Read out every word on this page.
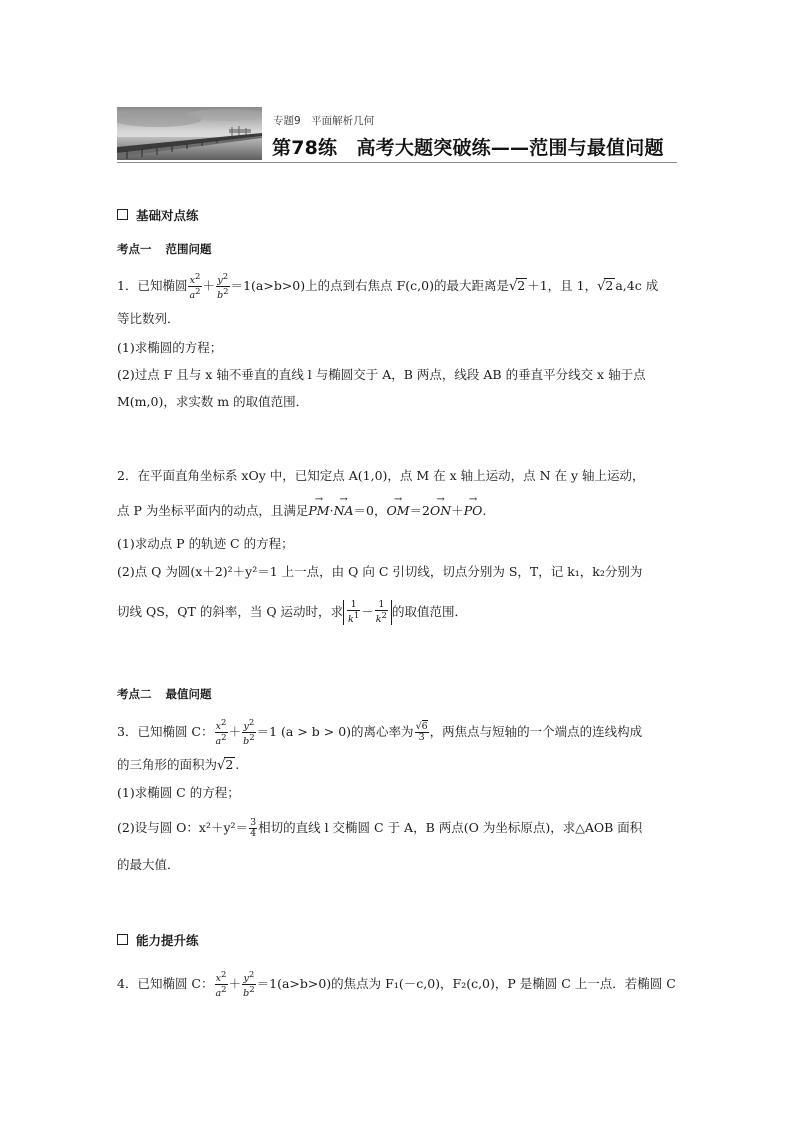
专题9　平面解析几何
第78练　高考大题突破练——范围与最值问题
基础对点练
考点一 范围问题
1．已知椭圆 $\frac{x^2}{a^2} + \frac{y^2}{b^2} =1(a>b>0)$上的点到右焦点 F(c,0)的最大距离是√2 ＋1，且 1，√2 a,4c 成
等比数列．
(1)求椭圆的方程；
(2)过点 F 且与 x 轴不垂直的直线 l 与椭圆交于 A，B 两点，线段 AB 的垂直平分线交 x 轴于点
M(m,0)，求实数 m 的取值范围．
2．在平面直角坐标系 xOy 中，已知定点 A(1,0)，点 M 在 x 轴上运动，点 N 在 y 轴上运动，
点 P 为坐标平面内的动点，且满足→ PM·→ NA＝0，→ OM＝2→ ON＋→ PO.
(1)求动点 P 的轨迹 C 的方程；
(2)点 Q 为圆(x＋2)²＋y²＝1 上一点，由 Q 向 C 引切线，切点分别为 S，T，记 k₁，k₂分别为
切线 QS，QT 的斜率，当 Q 运动时，求 $\frac{1}{k^1} - \frac{1}{k^2}$ 的取值范围．
考点二 最值问题
3．已知椭圆 C： $\frac{x^2}{a^2} + \frac{y^2}{b^2} =1$ (a > b > 0)的离心率为 $\frac{√6}{3}$ ，两焦点与短轴的一个端点的连线构成
的三角形的面积为√2 .
(1)求椭圆 C 的方程；
(2)设与圆 O：$x^2+y^2= \frac{3}{4}$ 相切的直线 l 交椭圆 C 于 A，B 两点(O 为坐标原点)，求△AOB 面积
的最大值．
能力提升练
4．已知椭圆 C： $\frac{x^2}{a^2} + \frac{y^2}{b^2} =1(a>b>0)$的焦点为 F₁(－c,0)，F₂(c,0)，P 是椭圆 C 上一点．若椭圆 C
